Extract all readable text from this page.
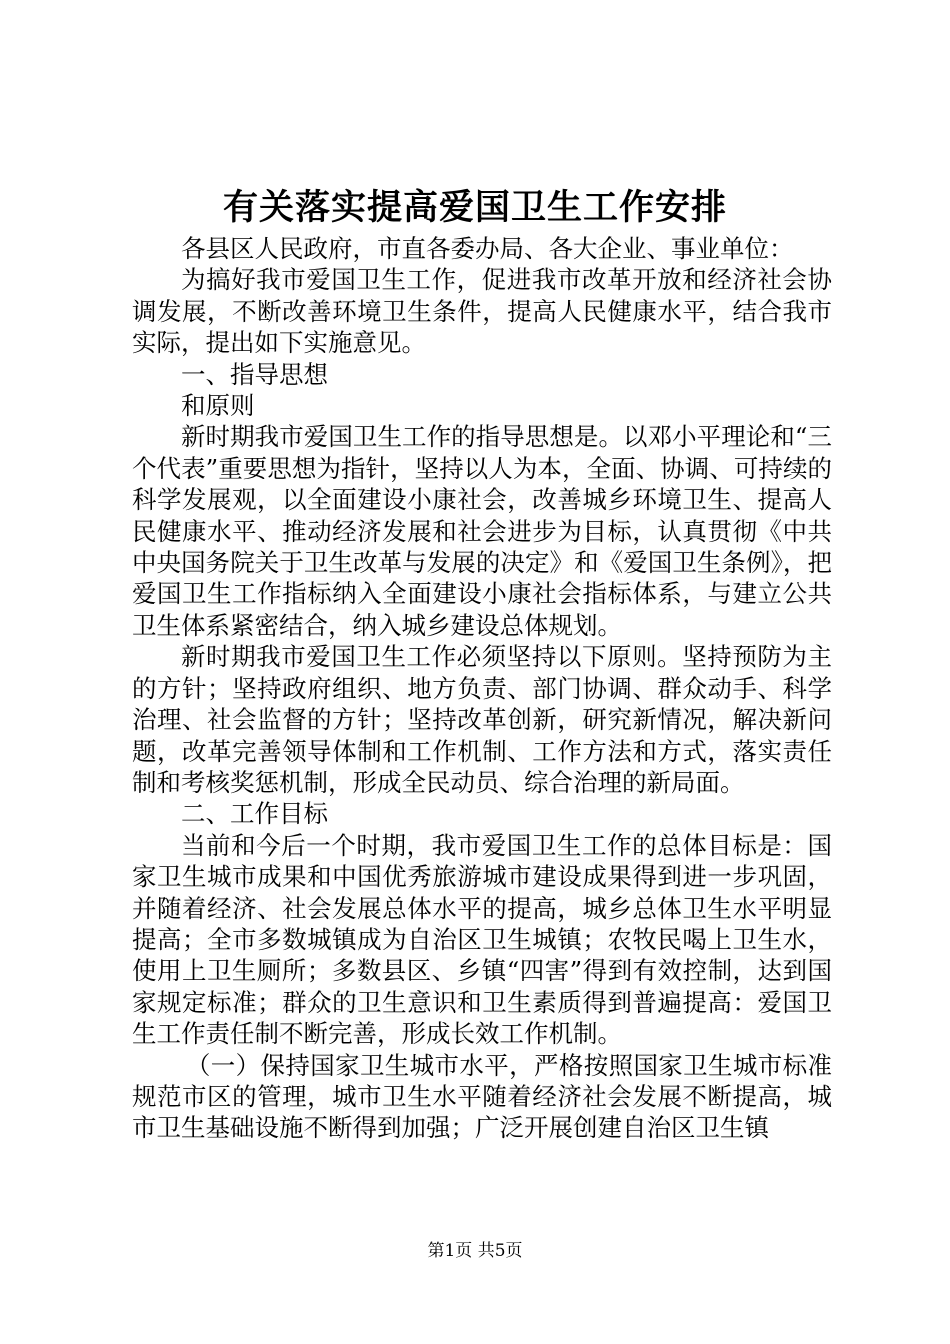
有关落实提高爱国卫生工作安排

各县区人民政府，市直各委办局、各大企业、事业单位：

为搞好我市爱国卫生工作，促进我市改革开放和经济社会协调发展，不断改善环境卫生条件，提高人民健康水平，结合我市实际，提出如下实施意见。

一、指导思想

和原则

新时期我市爱国卫生工作的指导思想是。以邓小平理论和“三个代表”重要思想为指针，坚持以人为本，全面、协调、可持续的科学发展观，以全面建设小康社会，改善城乡环境卫生、提高人民健康水平、推动经济发展和社会进步为目标，认真贯彻《中共中央国务院关于卫生改革与发展的决定》和《爱国卫生条例》，把爱国卫生工作指标纳入全面建设小康社会指标体系，与建立公共卫生体系紧密结合，纳入城乡建设总体规划。

新时期我市爱国卫生工作必须坚持以下原则。坚持预防为主的方针；坚持政府组织、地方负责、部门协调、群众动手、科学治理、社会监督的方针；坚持改革创新，研究新情况，解决新问题，改革完善领导体制和工作机制、工作方法和方式，落实责任制和考核奖惩机制，形成全民动员、综合治理的新局面。

二、工作目标

当前和今后一个时期，我市爱国卫生工作的总体目标是：国家卫生城市成果和中国优秀旅游城市建设成果得到进一步巩固，并随着经济、社会发展总体水平的提高，城乡总体卫生水平明显提高；全市多数城镇成为自治区卫生城镇；农牧民喝上卫生水，使用上卫生厕所；多数县区、乡镇“四害”得到有效控制，达到国家规定标准；群众的卫生意识和卫生素质得到普遍提高：爱国卫生工作责任制不断完善，形成长效工作机制。

（一）保持国家卫生城市水平，严格按照国家卫生城市标准规范市区的管理，城市卫生水平随着经济社会发展不断提高，城市卫生基础设施不断得到加强；广泛开展创建自治区卫生镇

第1页 共5页
